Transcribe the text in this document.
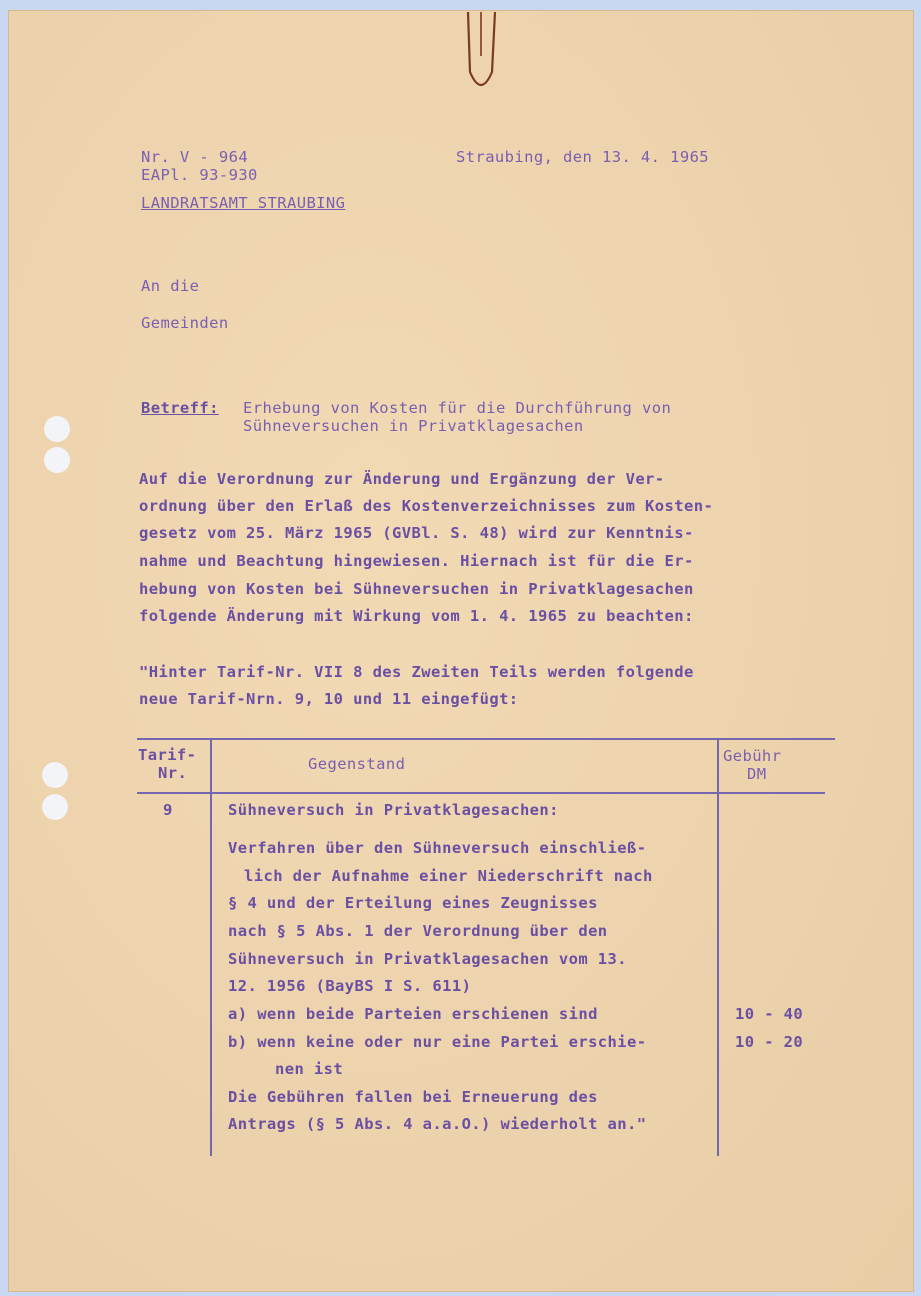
Nr. V - 964	Straubing, den 13. 4. 1965
EAPl. 93-930
LANDRATSAMT STRAUBING
An die
Gemeinden
Betreff: Erhebung von Kosten für die Durchführung von
Sühneversuchen in Privatklagesachen
Auf die Verordnung zur Änderung und Ergänzung der Ver-
ordnung über den Erlaß des Kostenverzeichnisses zum Kosten-
gesetz vom 25. März 1965 (GVBl. S. 48) wird zur Kenntnis-
nahme und Beachtung hingewiesen. Hiernach ist für die Er-
hebung von Kosten bei Sühneversuchen in Privatklagesachen
folgende Änderung mit Wirkung vom 1. 4. 1965 zu beachten:
"Hinter Tarif-Nr. VII 8 des Zweiten Teils werden folgende
neue Tarif-Nrn. 9, 10 und 11 eingefügt:
Tarif-
Nr.	Gegenstand	Gebühr
DM
9	Sühneversuch in Privatklagesachen:
Verfahren über den Sühneversuch einschließ-
lich der Aufnahme einer Niederschrift nach
§ 4 und der Erteilung eines Zeugnisses
nach § 5 Abs. 1 der Verordnung über den
Sühneversuch in Privatklagesachen vom 13.
12. 1956 (BayBS I S. 611)
a) wenn beide Parteien erschienen sind	10 - 40
b) wenn keine oder nur eine Partei erschie-	10 - 20
nen ist
Die Gebühren fallen bei Erneuerung des
Antrags (§ 5 Abs. 4 a.a.O.) wiederholt an."
